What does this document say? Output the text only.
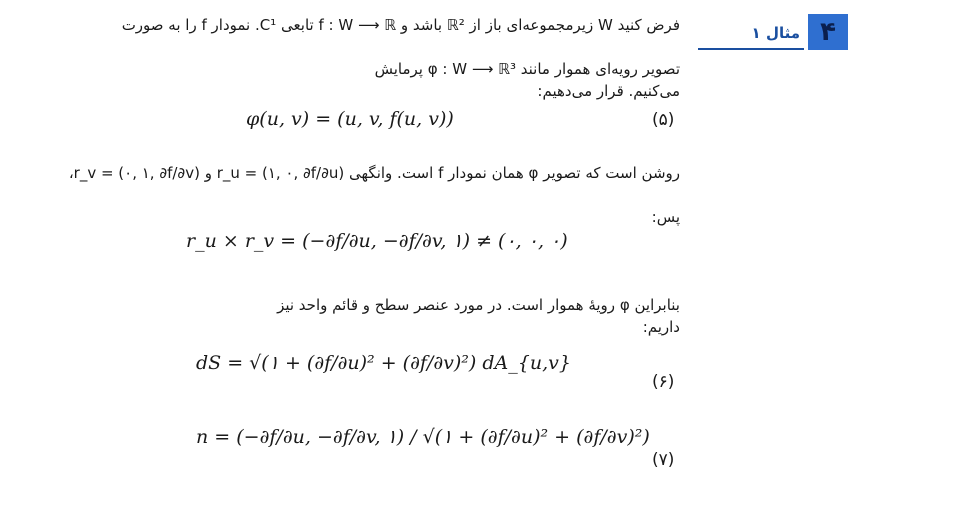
۱ مثال ۴
فرض کنید W زیرمجموعه‌ای باز از ℝ² باشد و f : W ⟶ ℝ تابعی C¹. نمودار f را به صورت
تصویر رویه‌ای هموار مانند φ : W ⟶ ℝ³ پرمایش می‌کنیم. قرار می‌دهیم:
φ(u, v) = (u, v, f(u, v))	(۵)
روشن است که تصویر φ همان نمودار f است. وانگهی r_u = (۱, ۰, ∂f/∂u) و r_v = (۰, ۱, ∂f/∂v)،
پس:
r_u × r_v = (−∂f/∂u, −∂f/∂v, ۱) ≠ (۰, ۰, ۰)
بنابراین φ رویهٔ هموار است. در مورد عنصر سطح و قائم واحد نیز داریم:
dS = √(۱ + (∂f/∂u)² + (∂f/∂v)²) dA_{u,v}
(۶)
n = (−∂f/∂u, −∂f/∂v, ۱) / √(۱ + (∂f/∂u)² + (∂f/∂v)²)
(۷)
